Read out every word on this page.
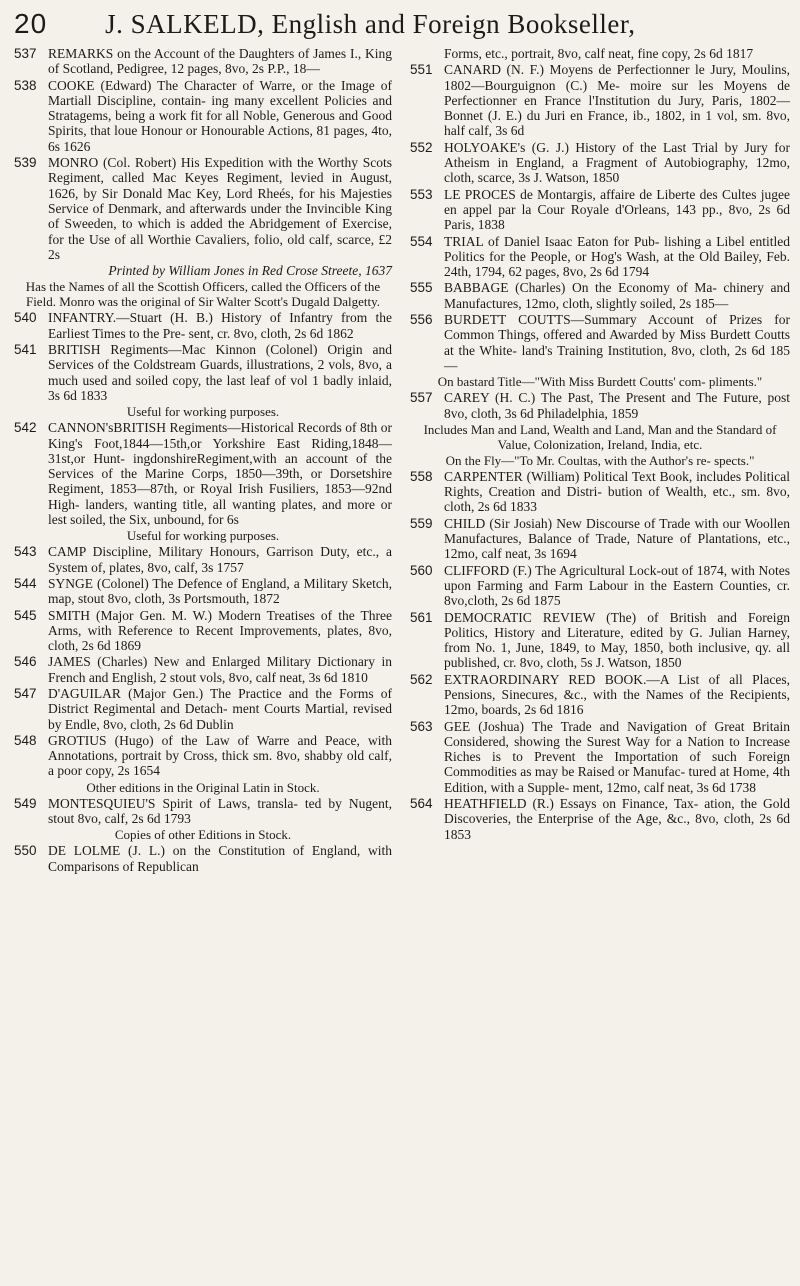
20 J. SALKELD, English and Foreign Bookseller,
537 REMARKS on the Account of the Daughters of James I., King of Scotland, Pedigree, 12 pages, 8vo, 2s P.P., 18—
538 COOKE (Edward) The Character of Warre, or the Image of Martiall Discipline, contain- ing many excellent Policies and Stratagems, being a work fit for all Noble, Generous and Good Spirits, that loue Honour or Honourable Actions, 81 pages, 4to, 6s 1626
539 MONRO (Col. Robert) His Expedition with the Worthy Scots Regiment, called Mac Keyes Regiment, levied in August, 1626, by Sir Donald Mac Key, Lord Rheés, for his Majesties Service of Denmark, and afterwards under the Invincible King of Sweeden, to which is added the Abridgement of Exercise, for the Use of all Worthie Cavaliers, folio, old calf, scarce, £2 2s
Printed by William Jones in Red Crose Streete, 1637
Has the Names of all the Scottish Officers, called the Officers of the Field. Monro was the original of Sir Walter Scott's Dugald Dalgetty.
540 INFANTRY.—Stuart (H. B.) History of Infantry from the Earliest Times to the Pre- sent, cr. 8vo, cloth, 2s 6d 1862
541 BRITISH Regiments—Mac Kinnon (Colonel) Origin and Services of the Coldstream Guards, illustrations, 2 vols, 8vo, a much used and soiled copy, the last leaf of vol 1 badly inlaid, 3s 6d 1833
Useful for working purposes.
542 CANNON'sBRITISH Regiments—Historical Records of 8th or King's Foot,1844—15th,or Yorkshire East Riding,1848—31st,or Hunt- ingdonshireRegiment,with an account of the Services of the Marine Corps, 1850—39th, or Dorsetshire Regiment, 1853—87th, or Royal Irish Fusiliers, 1853—92nd High- landers, wanting title, all wanting plates, and more or lest soiled, the Six, unbound, for 6s
Useful for working purposes.
543 CAMP Discipline, Military Honours, Garrison Duty, etc., a System of, plates, 8vo, calf, 3s 1757
544 SYNGE (Colonel) The Defence of England, a Military Sketch, map, stout 8vo, cloth, 3s Portsmouth, 1872
545 SMITH (Major Gen. M. W.) Modern Treatises of the Three Arms, with Reference to Recent Improvements, plates, 8vo, cloth, 2s 6d 1869
546 JAMES (Charles) New and Enlarged Military Dictionary in French and English, 2 stout vols, 8vo, calf neat, 3s 6d 1810
547 D'AGUILAR (Major Gen.) The Practice and the Forms of District Regimental and Detach- ment Courts Martial, revised by Endle, 8vo, cloth, 2s 6d Dublin
548 GROTIUS (Hugo) of the Law of Warre and Peace, with Annotations, portrait by Cross, thick sm. 8vo, shabby old calf, a poor copy, 2s 1654
Other editions in the Original Latin in Stock.
549 MONTESQUIEU'S Spirit of Laws, transla- ted by Nugent, stout 8vo, calf, 2s 6d 1793
Copies of other Editions in Stock.
550 DE LOLME (J. L.) on the Constitution of England, with Comparisons of Republican
Forms, etc., portrait, 8vo, calf neat, fine copy, 2s 6d 1817
551 CANARD (N. F.) Moyens de Perfectionner le Jury, Moulins, 1802—Bourguignon (C.) Me- moire sur les Moyens de Perfectionner en France l'Institution du Jury, Paris, 1802— Bonnet (J. E.) du Juri en France, ib., 1802, in 1 vol, sm. 8vo, half calf, 3s 6d
552 HOLYOAKE's (G. J.) History of the Last Trial by Jury for Atheism in England, a Fragment of Autobiography, 12mo, cloth, scarce, 3s J. Watson, 1850
553 LE PROCES de Montargis, affaire de Liberte des Cultes jugee en appel par la Cour Royale d'Orleans, 143 pp., 8vo, 2s 6d Paris, 1838
554 TRIAL of Daniel Isaac Eaton for Pub- lishing a Libel entitled Politics for the People, or Hog's Wash, at the Old Bailey, Feb. 24th, 1794, 62 pages, 8vo, 2s 6d 1794
555 BABBAGE (Charles) On the Economy of Ma- chinery and Manufactures, 12mo, cloth, slightly soiled, 2s 185—
556 BURDETT COUTTS—Summary Account of Prizes for Common Things, offered and Awarded by Miss Burdett Coutts at the White- land's Training Institution, 8vo, cloth, 2s 6d 185—
On bastard Title—"With Miss Burdett Coutts' com- pliments."
557 CAREY (H. C.) The Past, The Present and The Future, post 8vo, cloth, 3s 6d Philadelphia, 1859
Includes Man and Land, Wealth and Land, Man and the Standard of Value, Colonization, Ireland, India, etc.
On the Fly—"To Mr. Coultas, with the Author's re- spects."
558 CARPENTER (William) Political Text Book, includes Political Rights, Creation and Distri- bution of Wealth, etc., sm. 8vo, cloth, 2s 6d 1833
559 CHILD (Sir Josiah) New Discourse of Trade with our Woollen Manufactures, Balance of Trade, Nature of Plantations, etc., 12mo, calf neat, 3s 1694
560 CLIFFORD (F.) The Agricultural Lock-out of 1874, with Notes upon Farming and Farm Labour in the Eastern Counties, cr. 8vo,cloth, 2s 6d 1875
561 DEMOCRATIC REVIEW (The) of British and Foreign Politics, History and Literature, edited by G. Julian Harney, from No. 1, June, 1849, to May, 1850, both inclusive, qy. all published, cr. 8vo, cloth, 5s J. Watson, 1850
562 EXTRAORDINARY RED BOOK.—A List of all Places, Pensions, Sinecures, &c., with the Names of the Recipients, 12mo, boards, 2s 6d 1816
563 GEE (Joshua) The Trade and Navigation of Great Britain Considered, showing the Surest Way for a Nation to Increase Riches is to Prevent the Importation of such Foreign Commodities as may be Raised or Manufac- tured at Home, 4th Edition, with a Supple- ment, 12mo, calf neat, 3s 6d 1738
564 HEATHFIELD (R.) Essays on Finance, Tax- ation, the Gold Discoveries, the Enterprise of the Age, &c., 8vo, cloth, 2s 6d 1853
